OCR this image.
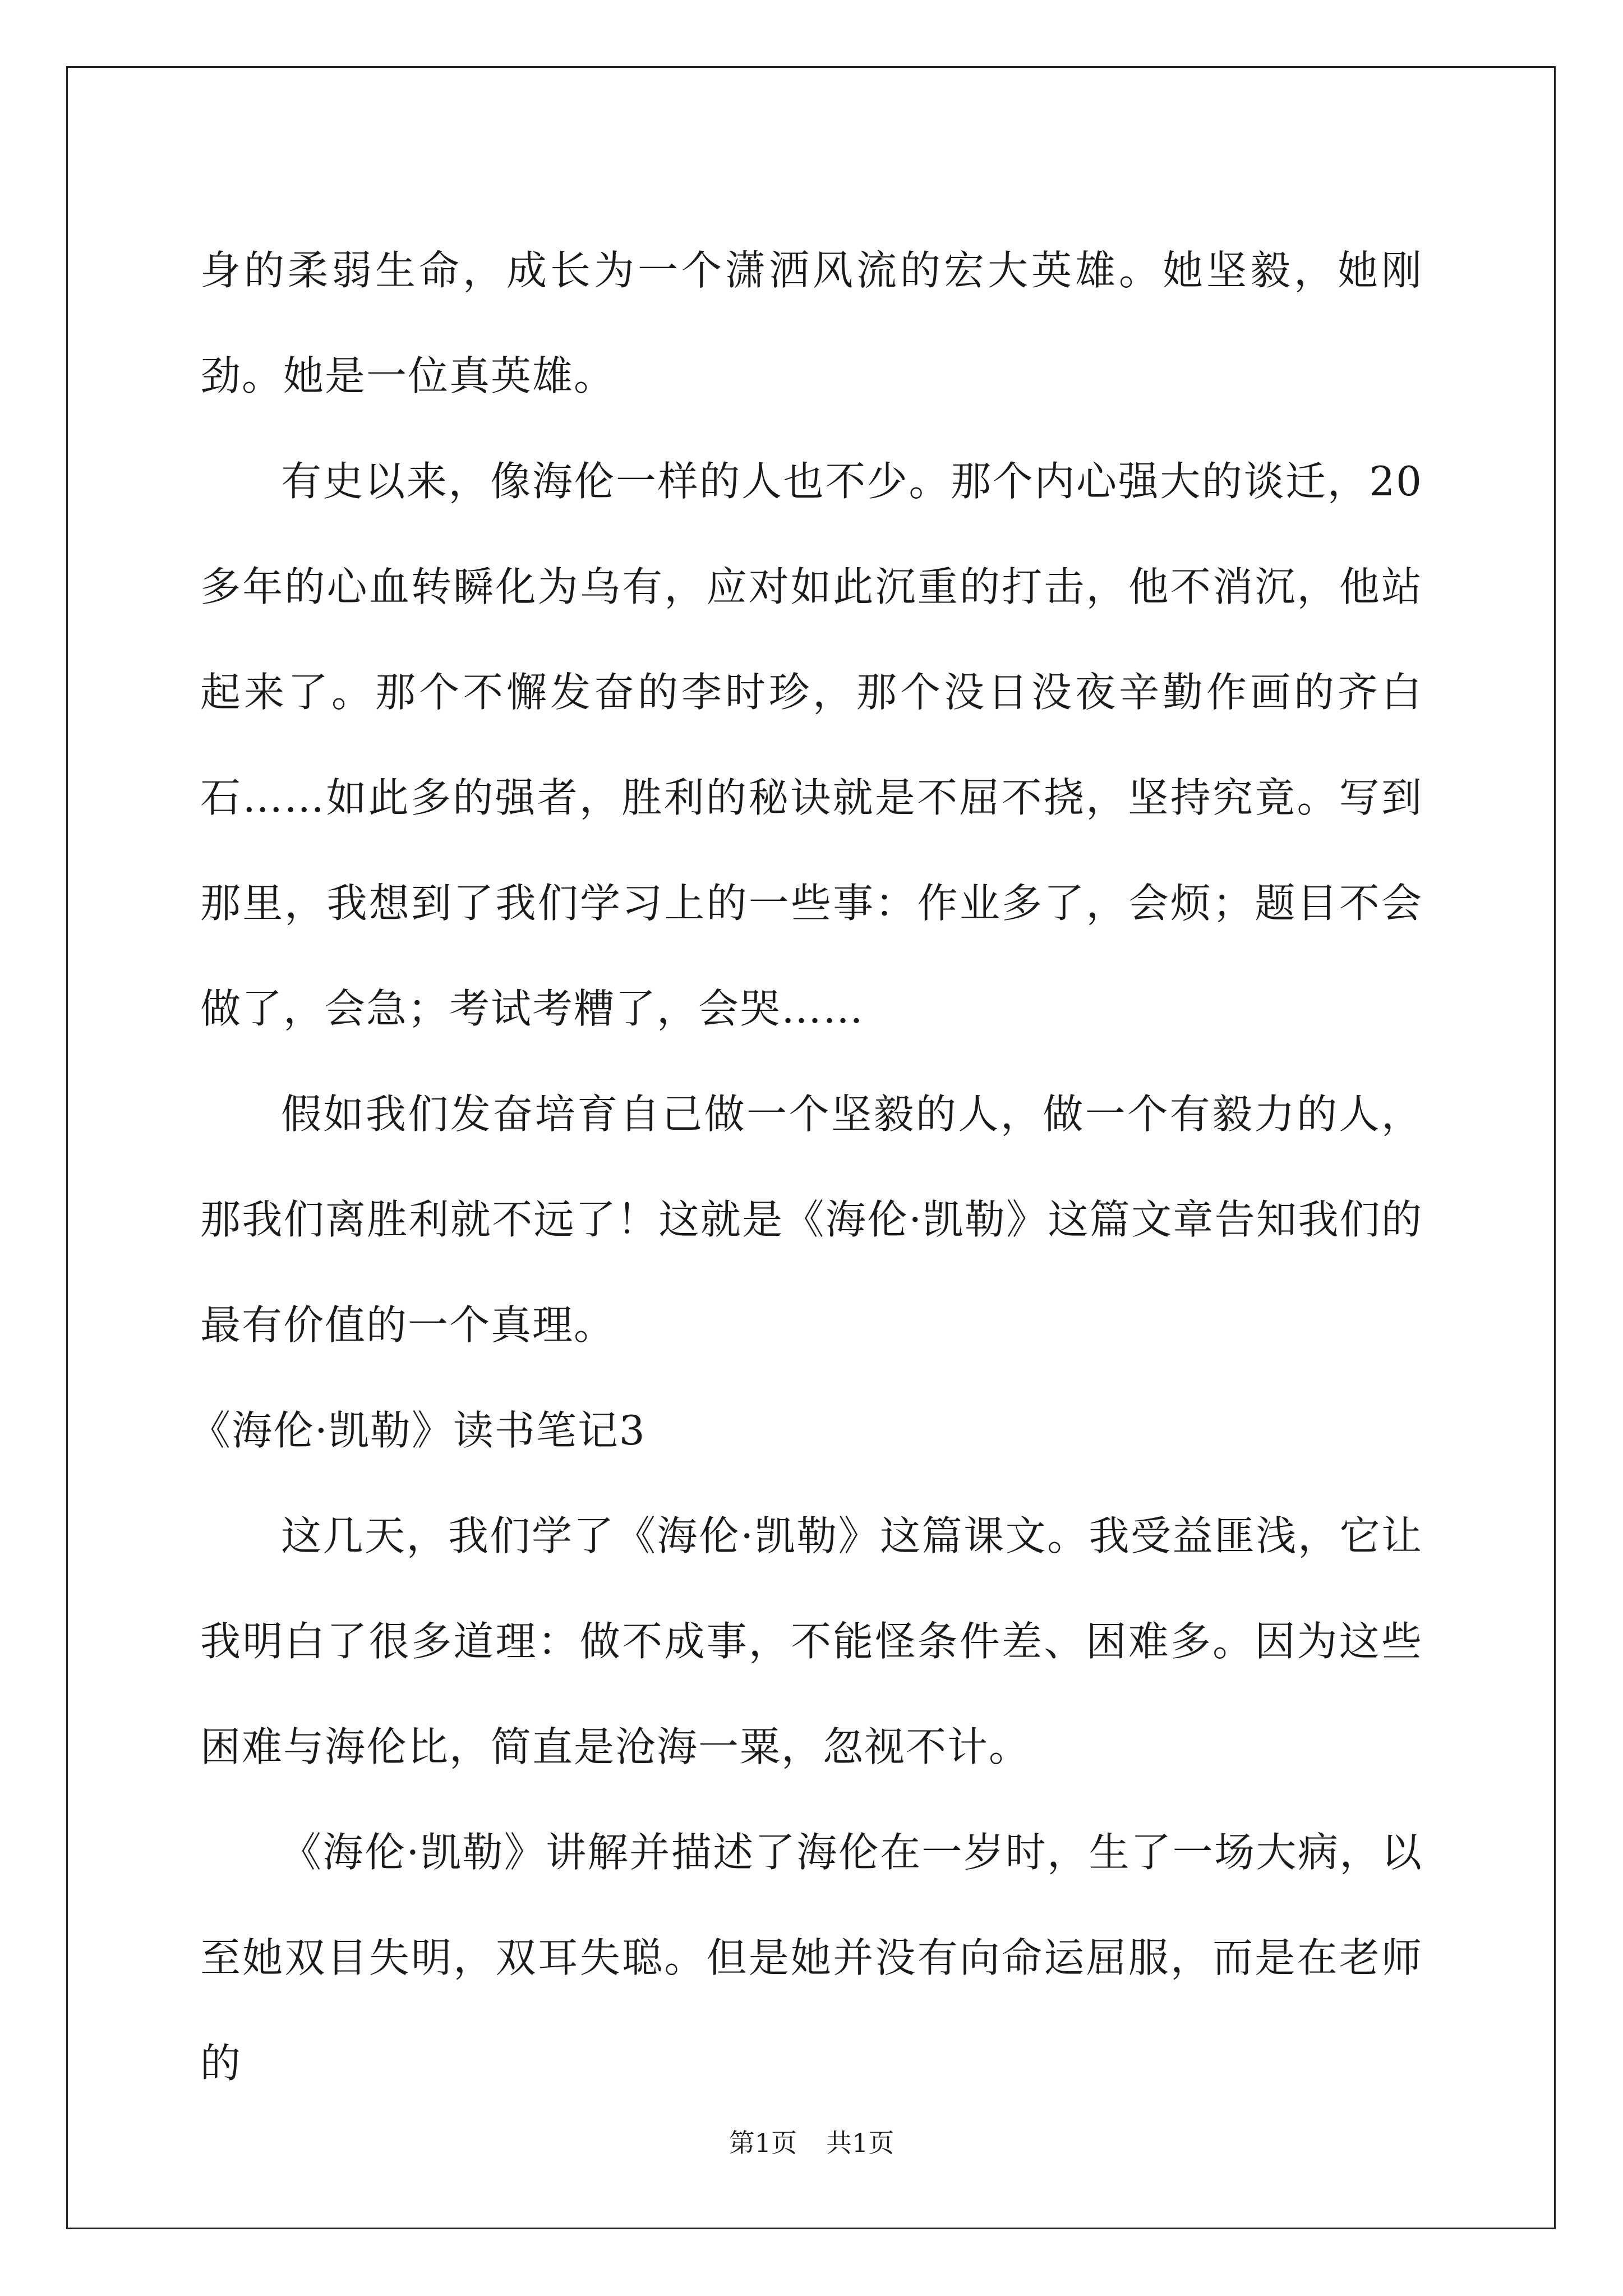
身的柔弱生命，成长为一个潇洒风流的宏大英雄。她坚毅，她刚劲。她是一位真英雄。

有史以来，像海伦一样的人也不少。那个内心强大的谈迁，20多年的心血转瞬化为乌有，应对如此沉重的打击，他不消沉，他站起来了。那个不懈发奋的李时珍，那个没日没夜辛勤作画的齐白石……如此多的强者，胜利的秘诀就是不屈不挠，坚持究竟。写到那里，我想到了我们学习上的一些事：作业多了，会烦；题目不会做了，会急；考试考糟了，会哭……

假如我们发奋培育自己做一个坚毅的人，做一个有毅力的人，那我们离胜利就不远了！这就是《海伦·凯勒》这篇文章告知我们的最有价值的一个真理。

《海伦·凯勒》读书笔记3

这几天，我们学了《海伦·凯勒》这篇课文。我受益匪浅，它让我明白了很多道理：做不成事，不能怪条件差、困难多。因为这些困难与海伦比，简直是沧海一粟，忽视不计。

《海伦·凯勒》讲解并描述了海伦在一岁时，生了一场大病，以至她双目失明，双耳失聪。但是她并没有向命运屈服，而是在老师的

第1页 共1页
